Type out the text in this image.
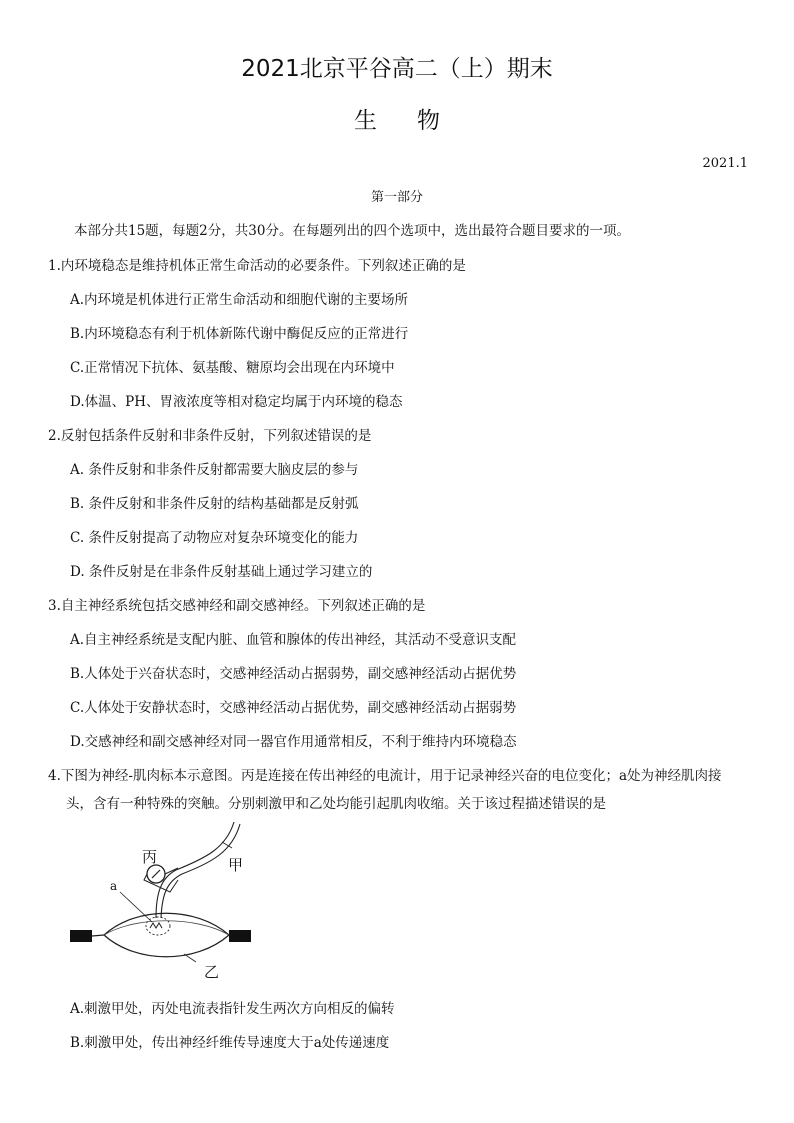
2021北京平谷高二（上）期末
生物
2021.1
第一部分
本部分共15题，每题2分，共30分。在每题列出的四个选项中，选出最符合题目要求的一项。
1.内环境稳态是维持机体正常生命活动的必要条件。下列叙述正确的是
A.内环境是机体进行正常生命活动和细胞代谢的主要场所
B.内环境稳态有利于机体新陈代谢中酶促反应的正常进行
C.正常情况下抗体、氨基酸、糖原均会出现在内环境中
D.体温、PH、胃液浓度等相对稳定均属于内环境的稳态
2.反射包括条件反射和非条件反射，下列叙述错误的是
A. 条件反射和非条件反射都需要大脑皮层的参与
B. 条件反射和非条件反射的结构基础都是反射弧
C. 条件反射提高了动物应对复杂环境变化的能力
D. 条件反射是在非条件反射基础上通过学习建立的
3.自主神经系统包括交感神经和副交感神经。下列叙述正确的是
A.自主神经系统是支配内脏、血管和腺体的传出神经，其活动不受意识支配
B.人体处于兴奋状态时，交感神经活动占据弱势，副交感神经活动占据优势
C.人体处于安静状态时，交感神经活动占据优势，副交感神经活动占据弱势
D.交感神经和副交感神经对同一器官作用通常相反，不利于维持内环境稳态
4.下图为神经-肌肉标本示意图。丙是连接在传出神经的电流计，用于记录神经兴奋的电位变化；a处为神经肌肉接
头，含有一种特殊的突触。分别刺激甲和乙处均能引起肌肉收缩。关于该过程描述错误的是
丙	甲
a
乙
A.刺激甲处，丙处电流表指针发生两次方向相反的偏转
B.刺激甲处，传出神经纤维传导速度大于a处传递速度
